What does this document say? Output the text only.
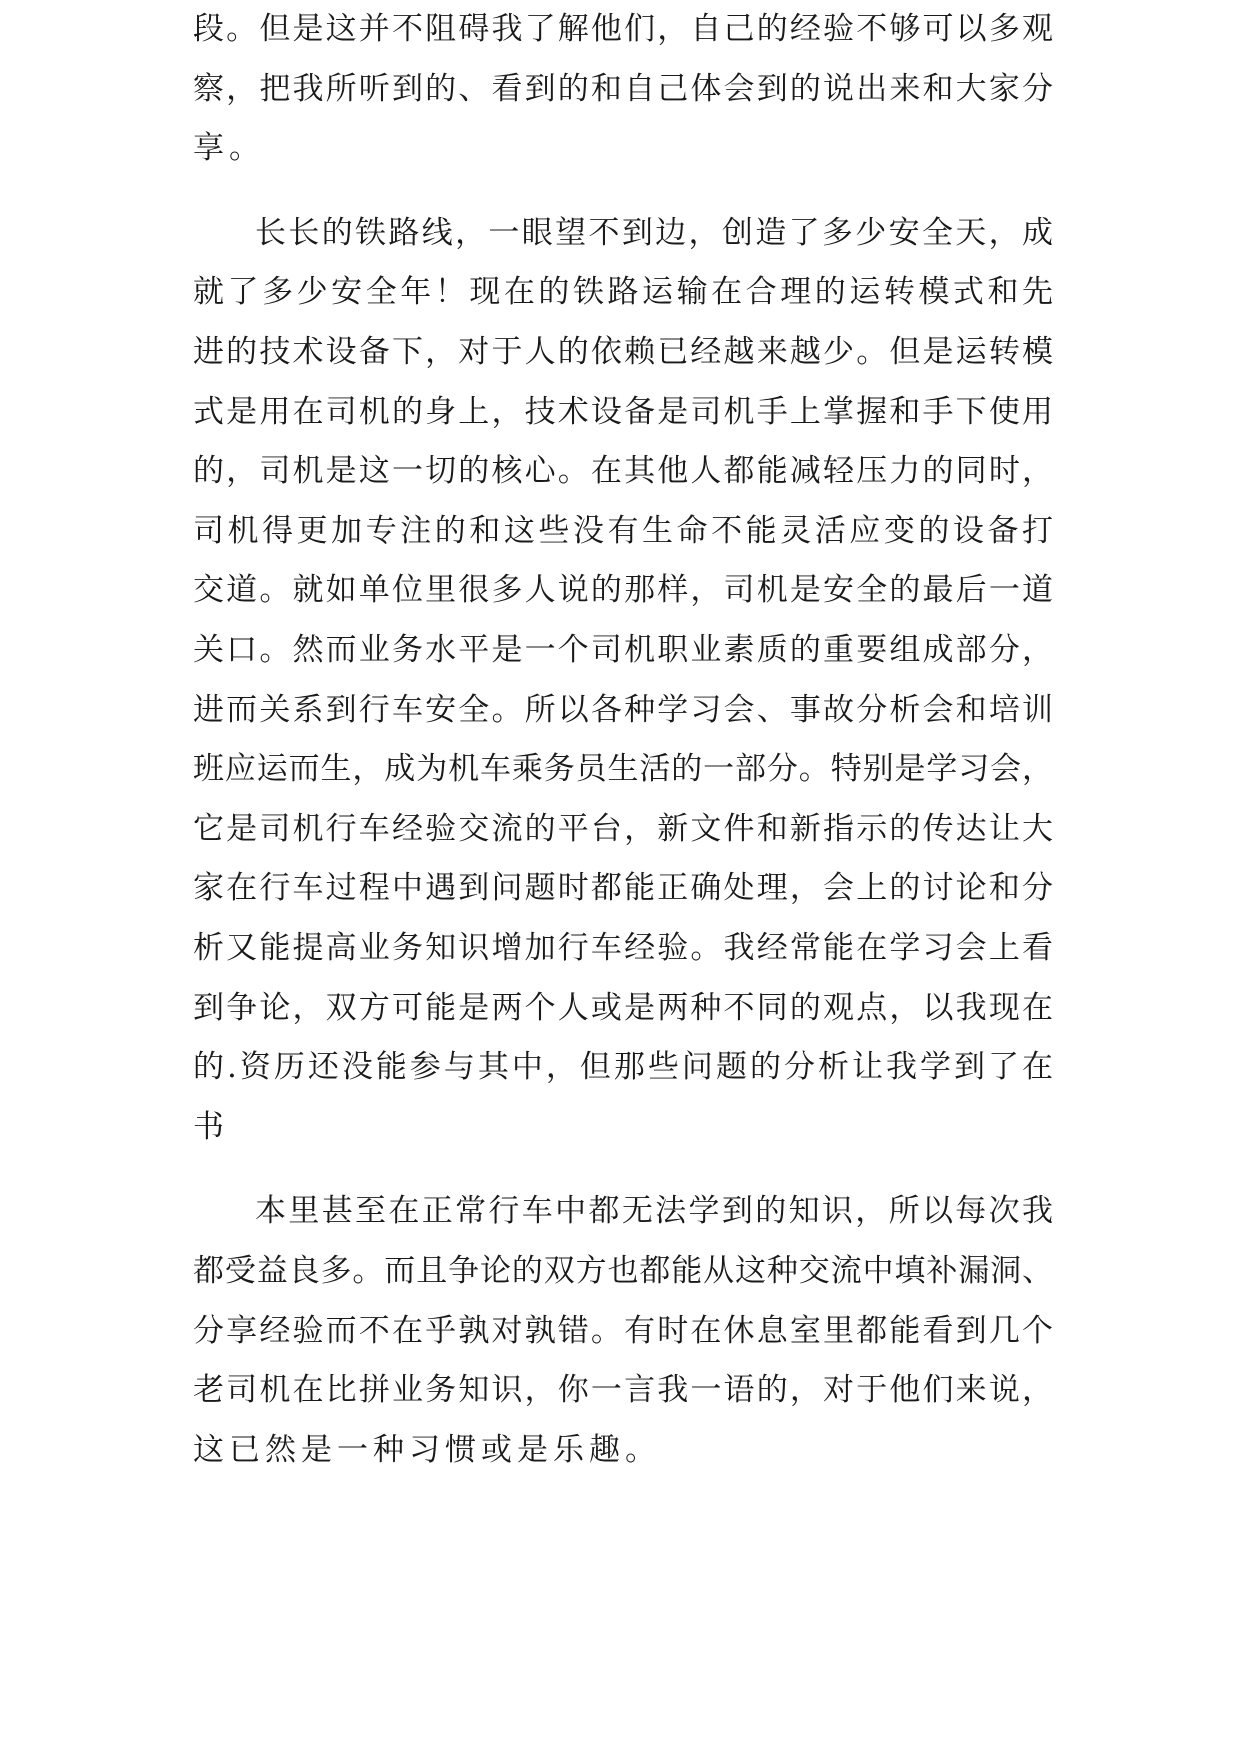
段。但是这并不阻碍我了解他们，自己的经验不够可以多观
察，把我所听到的、看到的和自己体会到的说出来和大家分
享。
长长的铁路线，一眼望不到边，创造了多少安全天，成
就了多少安全年！现在的铁路运输在合理的运转模式和先
进的技术设备下，对于人的依赖已经越来越少。但是运转模
式是用在司机的身上，技术设备是司机手上掌握和手下使用
的，司机是这一切的核心。在其他人都能减轻压力的同时，
司机得更加专注的和这些没有生命不能灵活应变的设备打
交道。就如单位里很多人说的那样，司机是安全的最后一道
关口。然而业务水平是一个司机职业素质的重要组成部分，
进而关系到行车安全。所以各种学习会、事故分析会和培训
班应运而生，成为机车乘务员生活的一部分。特别是学习会，
它是司机行车经验交流的平台，新文件和新指示的传达让大
家在行车过程中遇到问题时都能正确处理，会上的讨论和分
析又能提高业务知识增加行车经验。我经常能在学习会上看
到争论，双方可能是两个人或是两种不同的观点，以我现在
的.资历还没能参与其中，但那些问题的分析让我学到了在
书
本里甚至在正常行车中都无法学到的知识，所以每次我
都受益良多。而且争论的双方也都能从这种交流中填补漏洞、
分享经验而不在乎孰对孰错。有时在休息室里都能看到几个
老司机在比拼业务知识，你一言我一语的，对于他们来说，
这已然是一种习惯或是乐趣。
